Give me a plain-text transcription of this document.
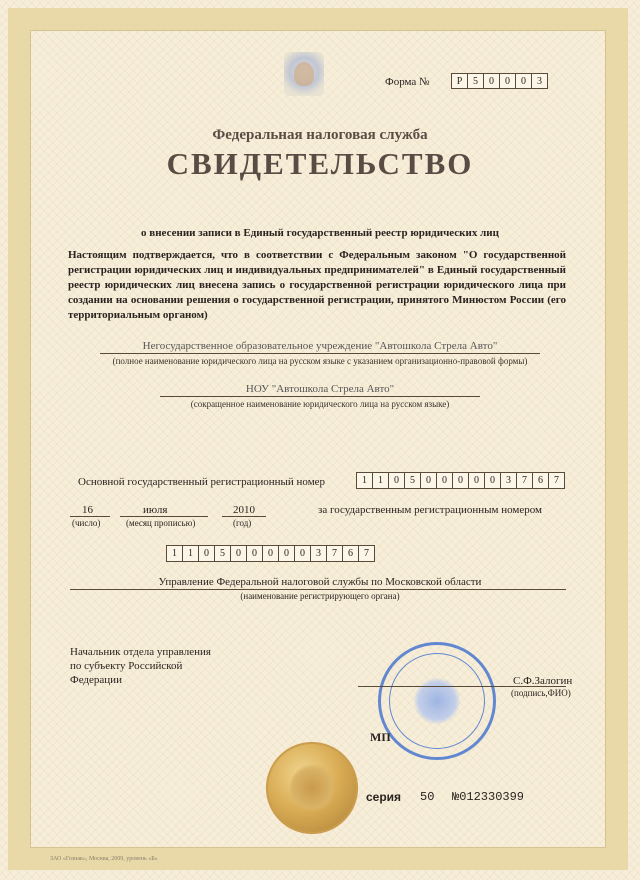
Форма №	Р	5	0	0	0	3
Федеральная налоговая служба
СВИДЕТЕЛЬСТВО
о внесении записи в Единый государственный реестр юридических лиц
Настоящим подтверждается, что в соответствии с Федеральным законом "О государственной регистрации юридических лиц и индивидуальных предпринимателей" в Единый государственный реестр юридических лиц внесена запись о государственной регистрации юридического лица при создании на основании решения о государственной регистрации, принятого Минюстом России (его территориальным органом)
Негосударственное образовательное учреждение "Автошкола Стрела Авто"
(полное наименование юридического лица на русском языке с указанием организационно-правовой формы)
НОУ "Автошкола Стрела Авто"
(сокращенное наименование юридического лица на русском языке)
Основной государственный регистрационный номер	1	1	0	5	0	0	0	0	0	3	7	6	7
16
(число)
июля
(месяц прописью)
2010
(год)
за государственным регистрационным номером
1	1	0	5	0	0	0	0	0	3	7	6	7
Управление Федеральной налоговой службы по Московской области
(наименование регистрирующего органа)
Начальник отдела управления
по субъекту Российской
Федерации	С.Ф.Залогин
(подпись,ФИО)
МП
серия 50 №012330399
ЗАО «Гознак», Москва, 2009, уровень «Б»
